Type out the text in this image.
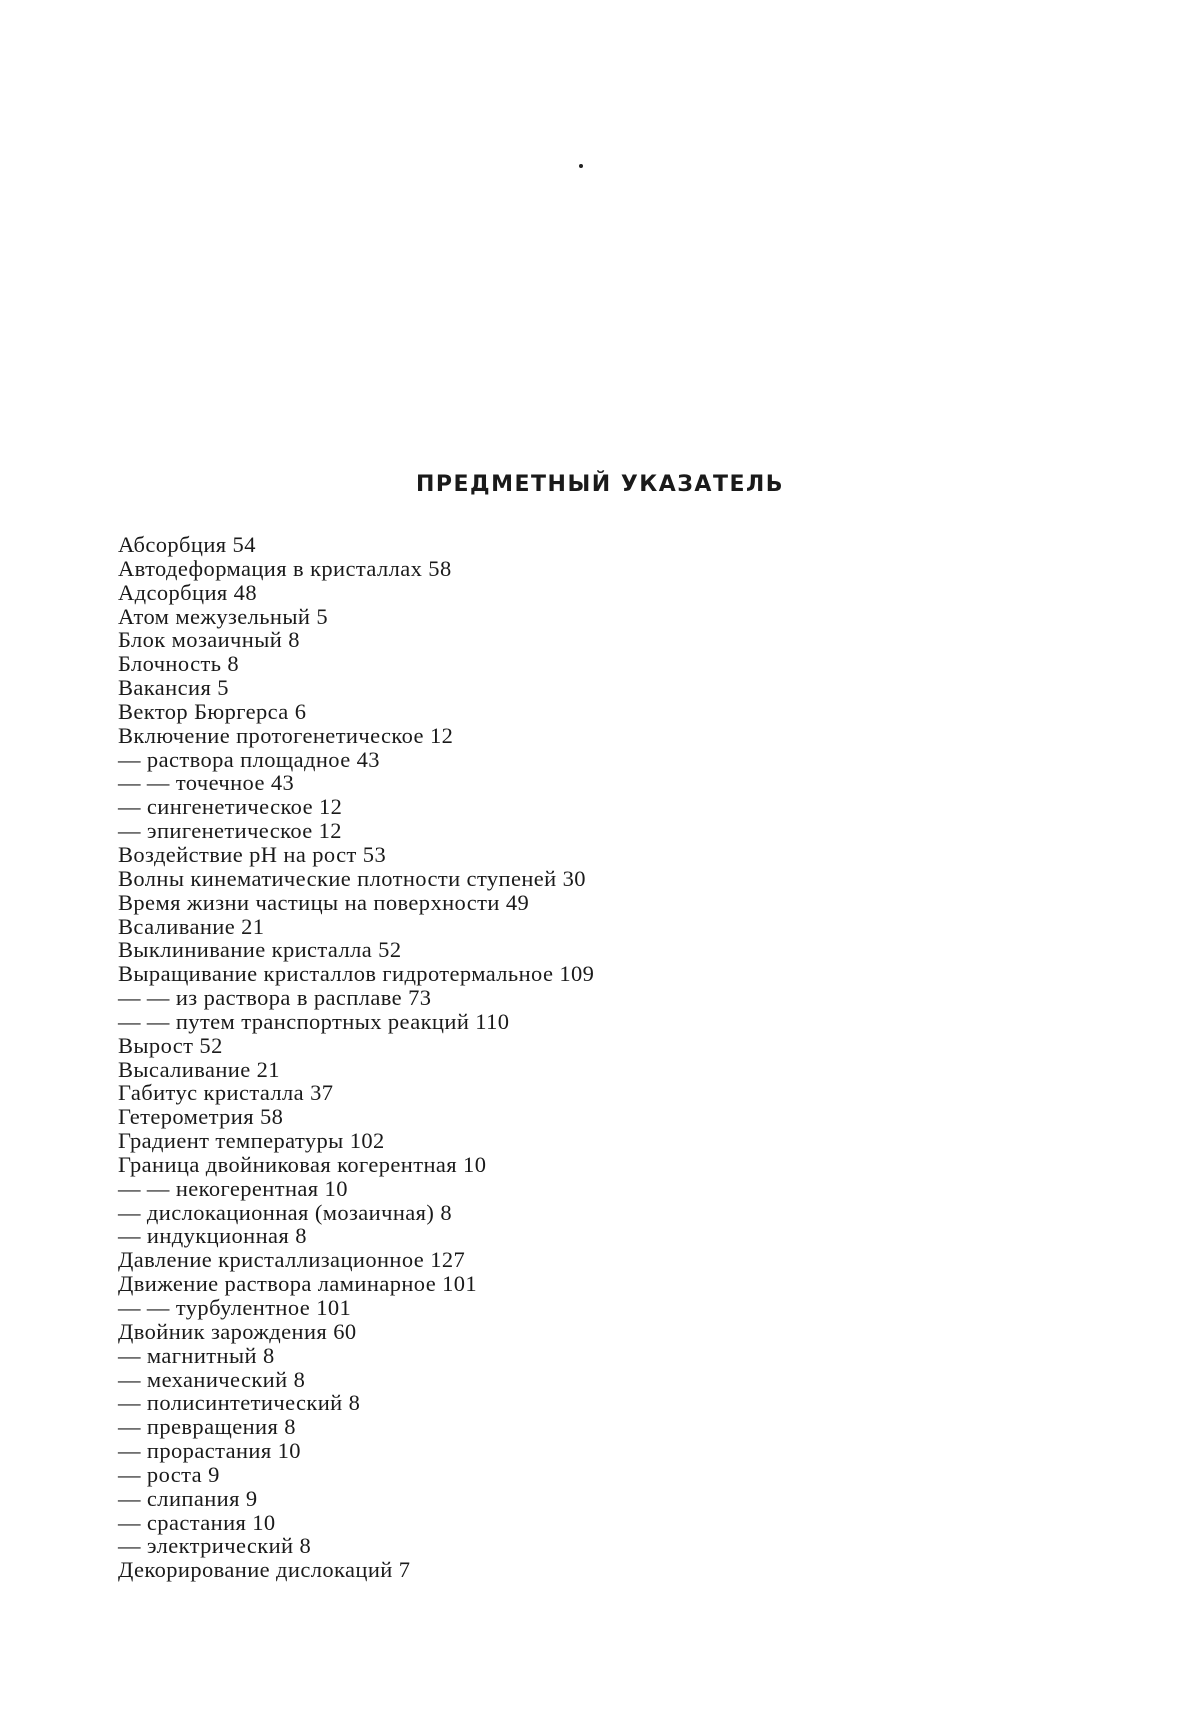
ПРЕДМЕТНЫЙ УКАЗАТЕЛЬ
Абсорбция 54
Автодеформация в кристаллах 58
Адсорбция 48
Атом межузельный 5
Блок мозаичный 8
Блочность 8
Вакансия 5
Вектор Бюргерса 6
Включение протогенетическое 12
— раствора площадное 43
— — точечное 43
— сингенетическое 12
— эпигенетическое 12
Воздействие pH на рост 53
Волны кинематические плотности ступеней 30
Время жизни частицы на поверхности 49
Всаливание 21
Выклинивание кристалла 52
Выращивание кристаллов гидротермальное 109
— — из раствора в расплаве 73
— — путем транспортных реакций 110
Вырост 52
Высаливание 21
Габитус кристалла 37
Гетерометрия 58
Градиент температуры 102
Граница двойниковая когерентная 10
— — некогерентная 10
— дислокационная (мозаичная) 8
— индукционная 8
Давление кристаллизационное 127
Движение раствора ламинарное 101
— — турбулентное 101
Двойник зарождения 60
— магнитный 8
— механический 8
— полисинтетический 8
— превращения 8
— прорастания 10
— роста 9
— слипания 9
— срастания 10
— электрический 8
Декорирование дислокаций 7
